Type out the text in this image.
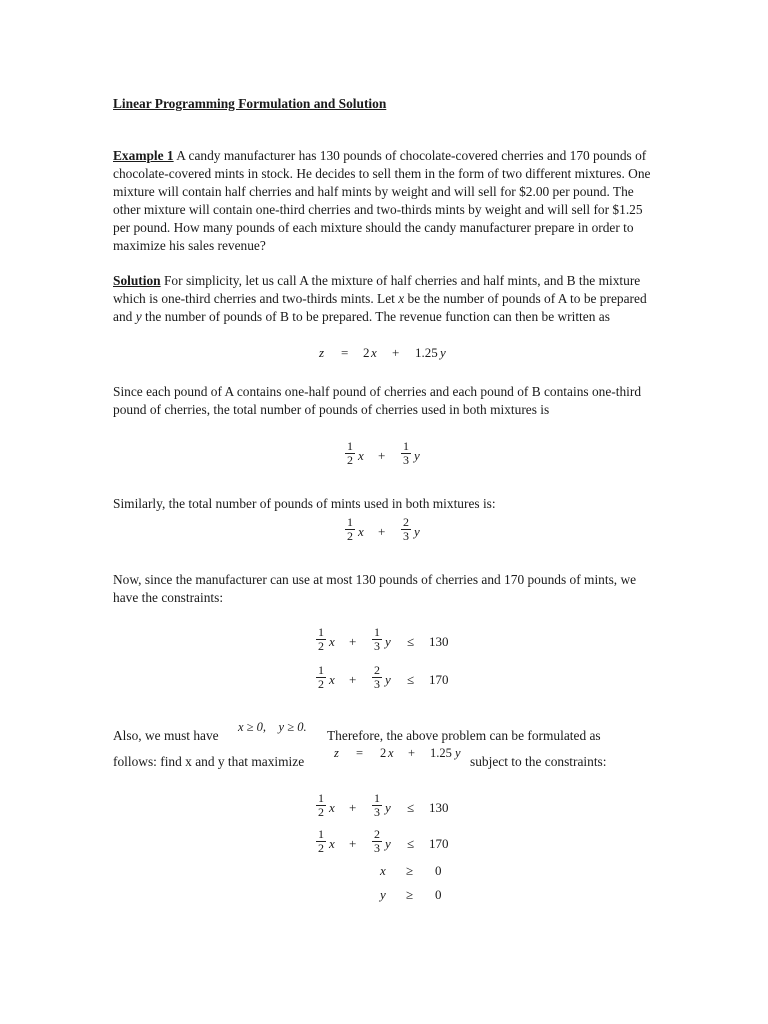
Linear Programming Formulation and Solution

Example 1 A candy manufacturer has 130 pounds of chocolate-covered cherries and 170 pounds of chocolate-covered mints in stock. He decides to sell them in the form of two different mixtures. One mixture will contain half cherries and half mints by weight and will sell for $2.00 per pound. The other mixture will contain one-third cherries and two-thirds mints by weight and will sell for $1.25 per pound. How many pounds of each mixture should the candy manufacturer prepare in order to maximize his sales revenue?

Solution For simplicity, let us call A the mixture of half cherries and half mints, and B the mixture which is one-third cherries and two-thirds mints. Let x be the number of pounds of A to be prepared and y the number of pounds of B to be prepared. The revenue function can then be written as

z = 2 x + 1.25 y

Since each pound of A contains one-half pound of cherries and each pound of B contains one-third pound of cherries, the total number of pounds of cherries used in both mixtures is

1
2 x +
1
3 y

Similarly, the total number of pounds of mints used in both mixtures is:

1
2 x +
2
3 y

Now, since the manufacturer can use at most 130 pounds of cherries and 170 pounds of mints, we have the constraints:

1
2 x +
1
3 y ≤ 130
1
2 x +
2
3 y ≤ 170
Also, we must have
x ≥ 0,    y ≥ 0.
Therefore, the above problem can be formulated as
follows: find x and y that maximize
z = 2 x + 1.25 y
subject to the constraints:
1
2 x +
1
3 y ≤ 130
1
2 x +
2
3 y ≤ 170
x ≥ 0
y ≥ 0
